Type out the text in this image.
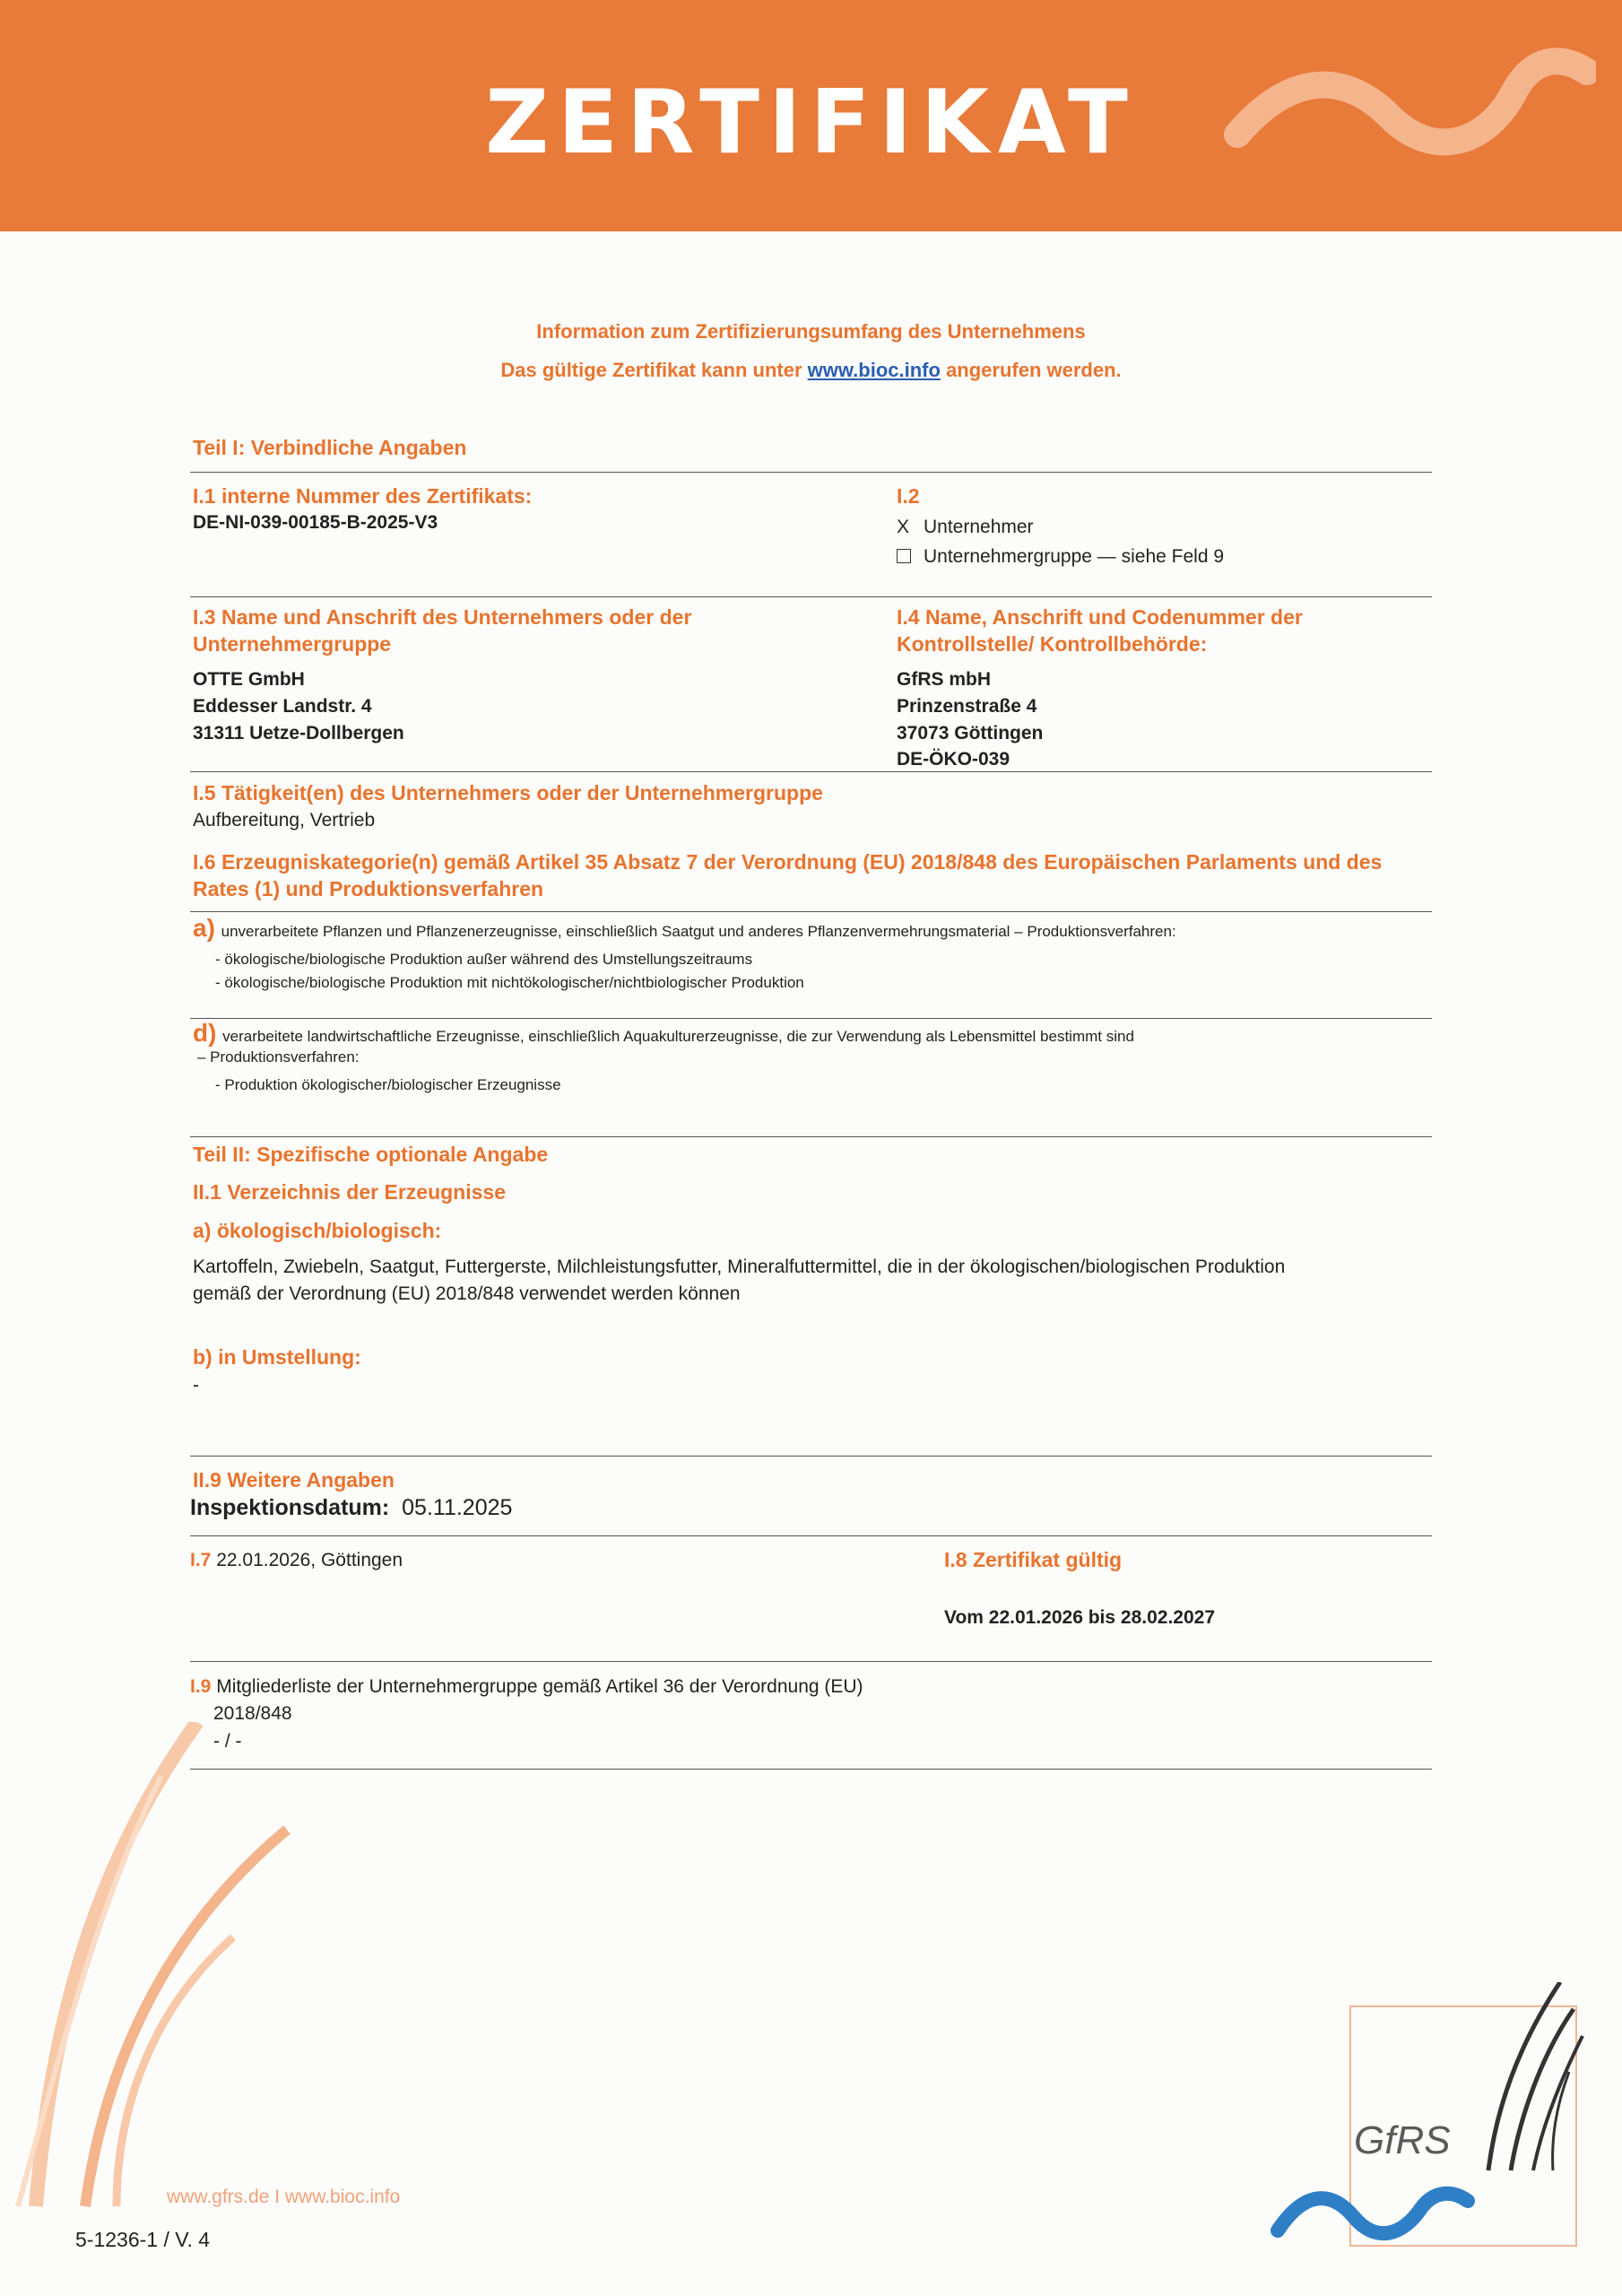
ZERTIFIKAT
Information zum Zertifizierungsumfang des Unternehmens
Das gültige Zertifikat kann unter www.bioc.info angerufen werden.
Teil I: Verbindliche Angaben
I.1 interne Nummer des Zertifikats:
DE-NI-039-00185-B-2025-V3
I.2
X Unternehmer
Unternehmergruppe — siehe Feld 9
I.3 Name und Anschrift des Unternehmers oder der
Unternehmergruppe
OTTE GmbH
Eddesser Landstr. 4
31311 Uetze-Dollbergen
I.4 Name, Anschrift und Codenummer der
Kontrollstelle/ Kontrollbehörde:
GfRS mbH
Prinzenstraße 4
37073 Göttingen
DE-ÖKO-039
I.5 Tätigkeit(en) des Unternehmers oder der Unternehmergruppe
Aufbereitung, Vertrieb
I.6 Erzeugniskategorie(n) gemäß Artikel 35 Absatz 7 der Verordnung (EU) 2018/848 des Europäischen Parlaments und des
Rates (1) und Produktionsverfahren
a) unverarbeitete Pflanzen und Pflanzenerzeugnisse, einschließlich Saatgut und anderes Pflanzenvermehrungsmaterial – Produktionsverfahren:
- ökologische/biologische Produktion außer während des Umstellungszeitraums
- ökologische/biologische Produktion mit nichtökologischer/nichtbiologischer Produktion
d) verarbeitete landwirtschaftliche Erzeugnisse, einschließlich Aquakulturerzeugnisse, die zur Verwendung als Lebensmittel bestimmt sind
– Produktionsverfahren:
- Produktion ökologischer/biologischer Erzeugnisse
Teil II: Spezifische optionale Angabe
II.1 Verzeichnis der Erzeugnisse
a) ökologisch/biologisch:
Kartoffeln, Zwiebeln, Saatgut, Futtergerste, Milchleistungsfutter, Mineralfuttermittel, die in der ökologischen/biologischen Produktion
gemäß der Verordnung (EU) 2018/848 verwendet werden können
b) in Umstellung:
-
II.9 Weitere Angaben
Inspektionsdatum: 05.11.2025
I.7 22.01.2026, Göttingen	I.8 Zertifikat gültig
Vom 22.01.2026 bis 28.02.2027
I.9 Mitgliederliste der Unternehmergruppe gemäß Artikel 36 der Verordnung (EU)
2018/848
- / -
www.gfrs.de I www.bioc.info
5-1236-1 / V. 4
GfRS
